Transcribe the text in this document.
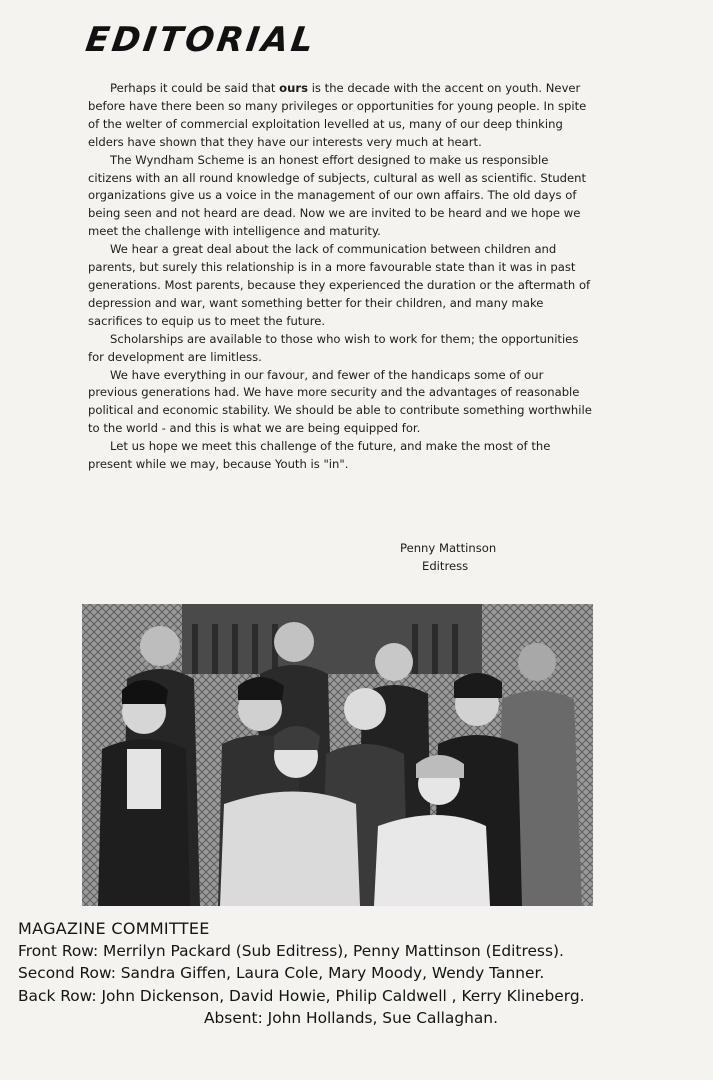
EDITORIAL

Perhaps it could be said that ours is the decade with the accent on youth. Never before have there been so many privileges or opportunities for young people. In spite of the welter of commercial exploitation levelled at us, many of our deep thinking elders have shown that they have our interests very much at heart.

The Wyndham Scheme is an honest effort designed to make us responsible citizens with an all round knowledge of subjects, cultural as well as scientific. Student organizations give us a voice in the management of our own affairs. The old days of being seen and not heard are dead. Now we are invited to be heard and we hope we meet the challenge with intelligence and maturity.

We hear a great deal about the lack of communication between children and parents, but surely this relationship is in a more favourable state than it was in past generations. Most parents, because they experienced the duration or the aftermath of depression and war, want something better for their children, and many make sacrifices to equip us to meet the future.

Scholarships are available to those who wish to work for them; the opportunities for development are limitless.

We have everything in our favour, and fewer of the handicaps some of our previous generations had. We have more security and the advantages of reasonable political and economic stability. We should be able to contribute something worthwhile to the world - and this is what we are being equipped for.

Let us hope we meet this challenge of the future, and make the most of the present while we may, because Youth is "in".

Penny Mattinson
Editress
MAGAZINE COMMITTEE
Front Row: Merrilyn Packard (Sub Editress), Penny Mattinson (Editress).
Second Row: Sandra Giffen, Laura Cole, Mary Moody, Wendy Tanner.
Back Row: John Dickenson, David Howie, Philip Caldwell , Kerry Klineberg.
Absent: John Hollands, Sue Callaghan.
